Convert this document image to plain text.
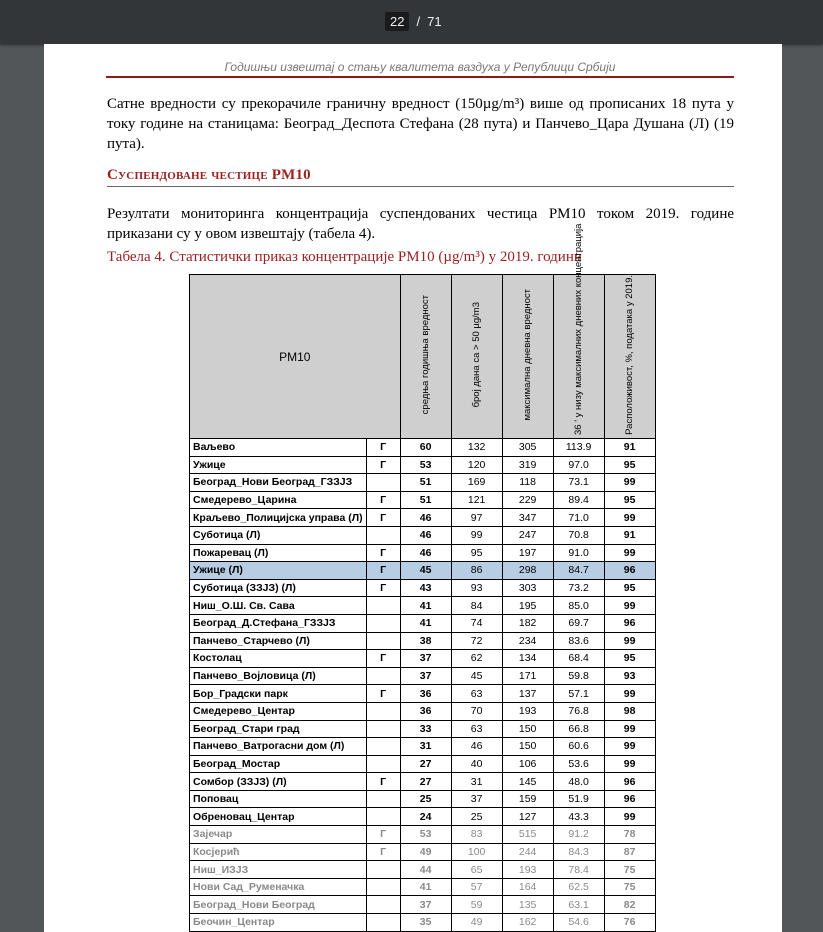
22 / 71
Годишњи извештај о стању квалитета ваздуха у Републици Србији
Сатне вредности су прекорачиле граничну вредност (150µg/m³) више од прописаних 18 пута у току године на станицама: Београд_Деспота Стефана (28 пута) и Панчево_Цара Душана (Л) (19 пута).
Суспендоване честице PM10
Резултати мониторинга концентрација суспендованих честица PM10 током 2019. године приказани су у овом извештају (табела 4).
Табела 4. Статистички приказ концентрације PM10 (µg/m³) у 2019. години
PM10		средња годишња вредност	број дана са > 50 µg/m3	максимална дневна вредност	36 ' у низу максималних дневних концентрација	Расположивост, %, података у 2019.
Ваљево	Г	60	132	305	113.9	91
Ужице	Г	53	120	319	97.0	95
Београд_Нови Београд_ГЗЗЈЗ		51	169	118	73.1	99
Смедерево_Царина	Г	51	121	229	89.4	95
Краљево_Полицијска управа (Л)	Г	46	97	347	71.0	99
Суботица (Л)		46	99	247	70.8	91
Пожаревац (Л)	Г	46	95	197	91.0	99
Ужице (Л)	Г	45	86	298	84.7	96
Суботица (ЗЗЈЗ) (Л)	Г	43	93	303	73.2	95
Ниш_О.Ш. Св. Сава		41	84	195	85.0	99
Београд_Д.Стефана_ГЗЗЈЗ		41	74	182	69.7	96
Панчево_Старчево (Л)		38	72	234	83.6	99
Костолац	Г	37	62	134	68.4	95
Панчево_Војловица (Л)		37	45	171	59.8	93
Бор_Градски парк	Г	36	63	137	57.1	99
Смедерево_Центар		36	70	193	76.8	98
Београд_Стари град		33	63	150	66.8	99
Панчево_Ватрогасни дом (Л)		31	46	150	60.6	99
Београд_Мостар		27	40	106	53.6	99
Сомбор (ЗЗЈЗ) (Л)	Г	27	31	145	48.0	96
Поповац		25	37	159	51.9	96
Обреновац_Центар		24	25	127	43.3	99
Зајечар	Г	53	83	515	91.2	78
Косјерић	Г	49	100	244	84.3	87
Ниш_ИЗЈЗ		44	65	193	78.4	75
Нови Сад_Руменачка		41	57	164	62.5	75
Београд_Нови Београд		37	59	135	63.1	82
Беочин_Центар		35	49	162	54.6	76
